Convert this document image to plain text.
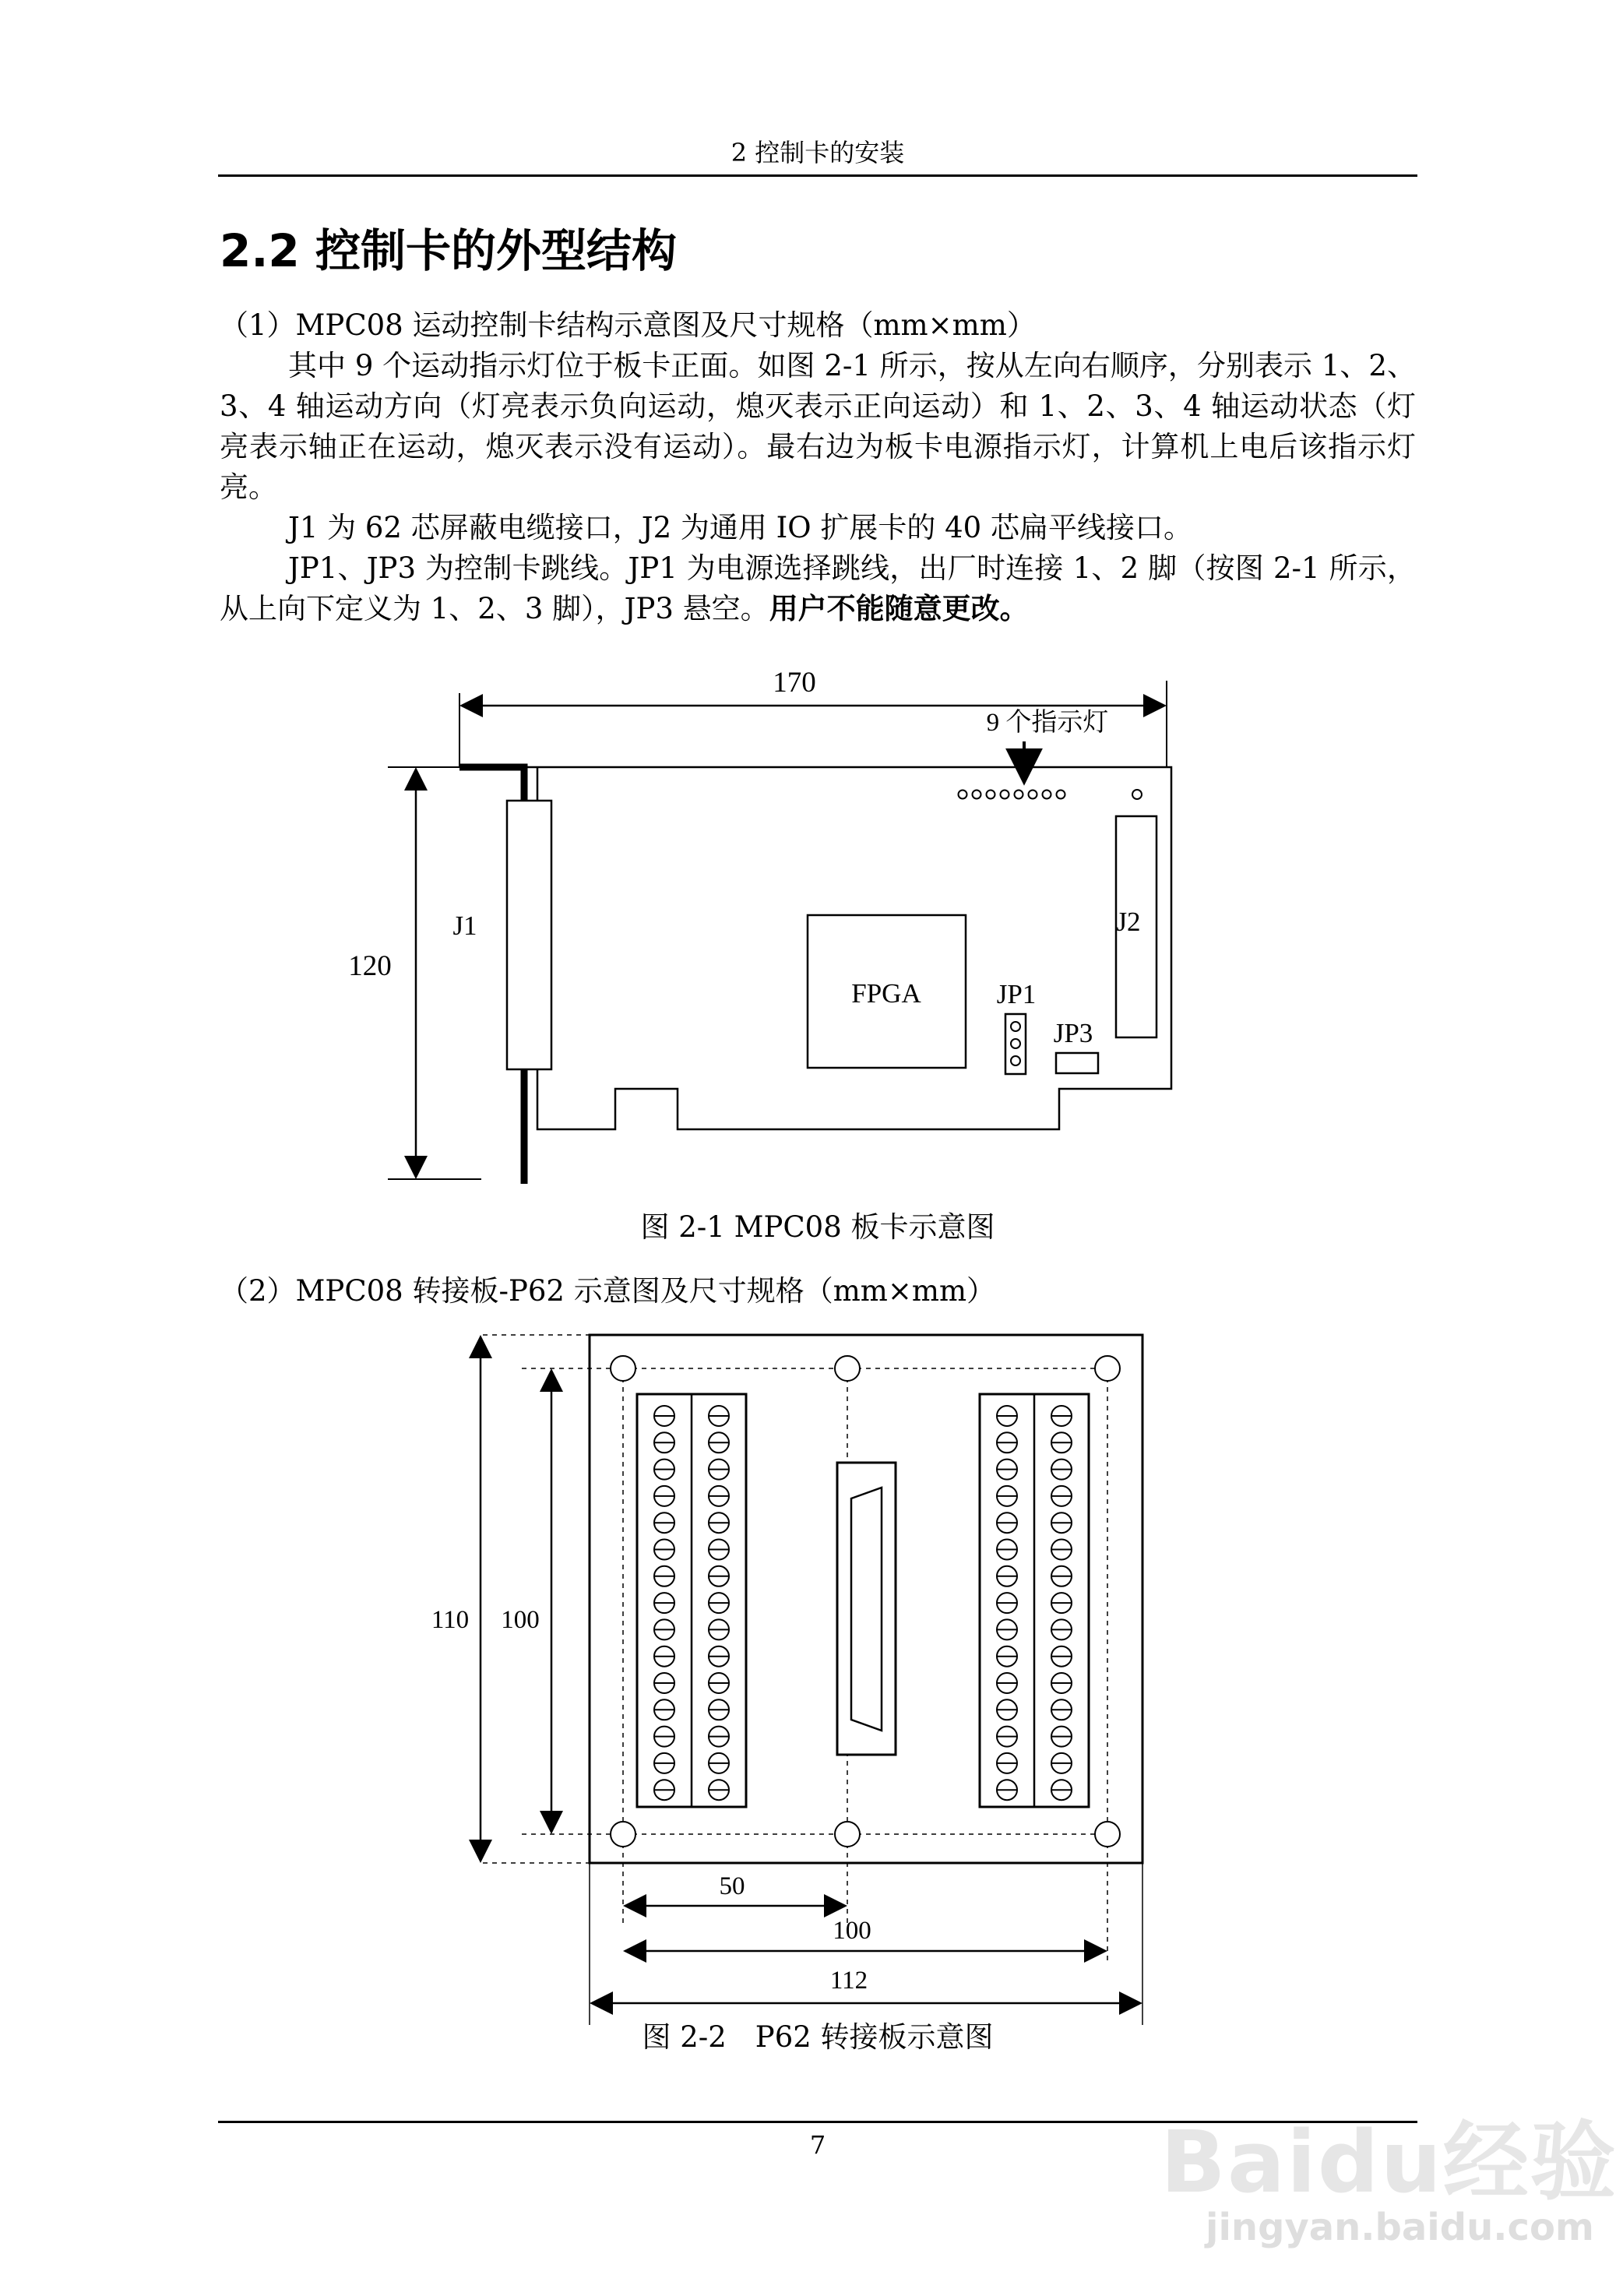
2 控制卡的安装
2.2 控制卡的外型结构

（1）MPC08 运动控制卡结构示意图及尺寸规格（mm×mm）

其中 9 个运动指示灯位于板卡正面。如图 2-1 所示，按从左向右顺序，分别表示 1、2、3、4 轴运动方向（灯亮表示负向运动，熄灭表示正向运动）和 1、2、3、4 轴运动状态（灯亮表示轴正在运动，熄灭表示没有运动）。最右边为板卡电源指示灯，计算机上电后该指示灯亮。

J1 为 62 芯屏蔽电缆接口，J2 为通用 IO 扩展卡的 40 芯扁平线接口。

JP1、JP3 为控制卡跳线。JP1 为电源选择跳线，出厂时连接 1、2 脚（按图 2-1 所示，从上向下定义为 1、2、3 脚），JP3 悬空。用户不能随意更改。

170
120
J1
FPGA	JP1
JP3
J2
9 个指示灯
图 2-1 MPC08 板卡示意图

（2）MPC08 转接板-P62 示意图及尺寸规格（mm×mm）

110 100
50
100
112
图 2-2　P62 转接板示意图
7	Baidu经验
jingyan.baidu.com
